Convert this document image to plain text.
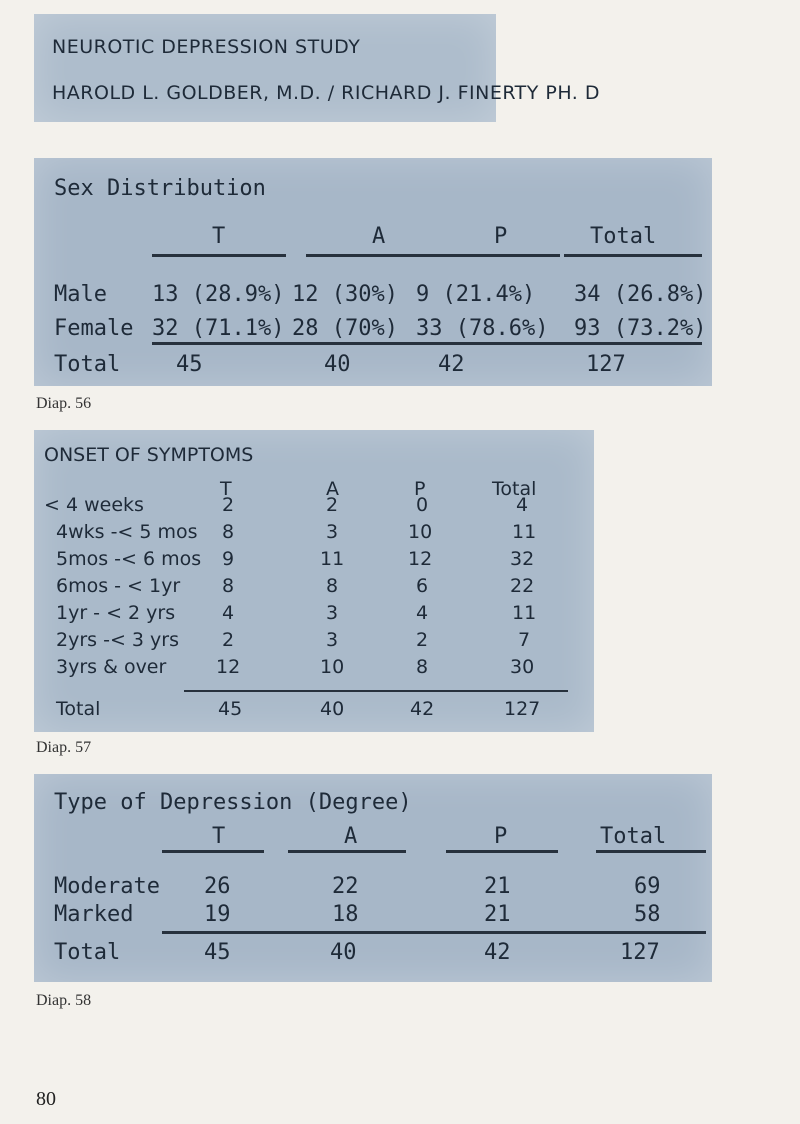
NEUROTIC DEPRESSION STUDY
HAROLD L. GOLDBER, M.D. / RICHARD J. FINERTY PH. D
Sex Distribution
T	A	P	Total
Male 13 (28.9%) 12 (30%) 9 (21.4%) 34 (26.8%)
Female 32 (71.1%) 28 (70%) 33 (78.6%) 93 (73.2%)
Total	45	40	42	127
Diap. 56
ONSET OF SYMPTOMS
T	A	P	Total
< 4 weeks	2	2	0	4
4wks -< 5 mos 8	3	10	11
5mos -< 6 mos 9	11	12	32
6mos - < 1yr 8	8	6	22
1yr - < 2 yrs 4	3	4	11
2yrs -< 3 yrs 2	3	2	7
3yrs & over	12	10	8	30
Total	45	40	42	127
Diap. 57
Type of Depression (Degree)
T	A	P	Total
Moderate 26	22	21	69
Marked	19	18	21	58
Total	45	40	42	127
Diap. 58
80
